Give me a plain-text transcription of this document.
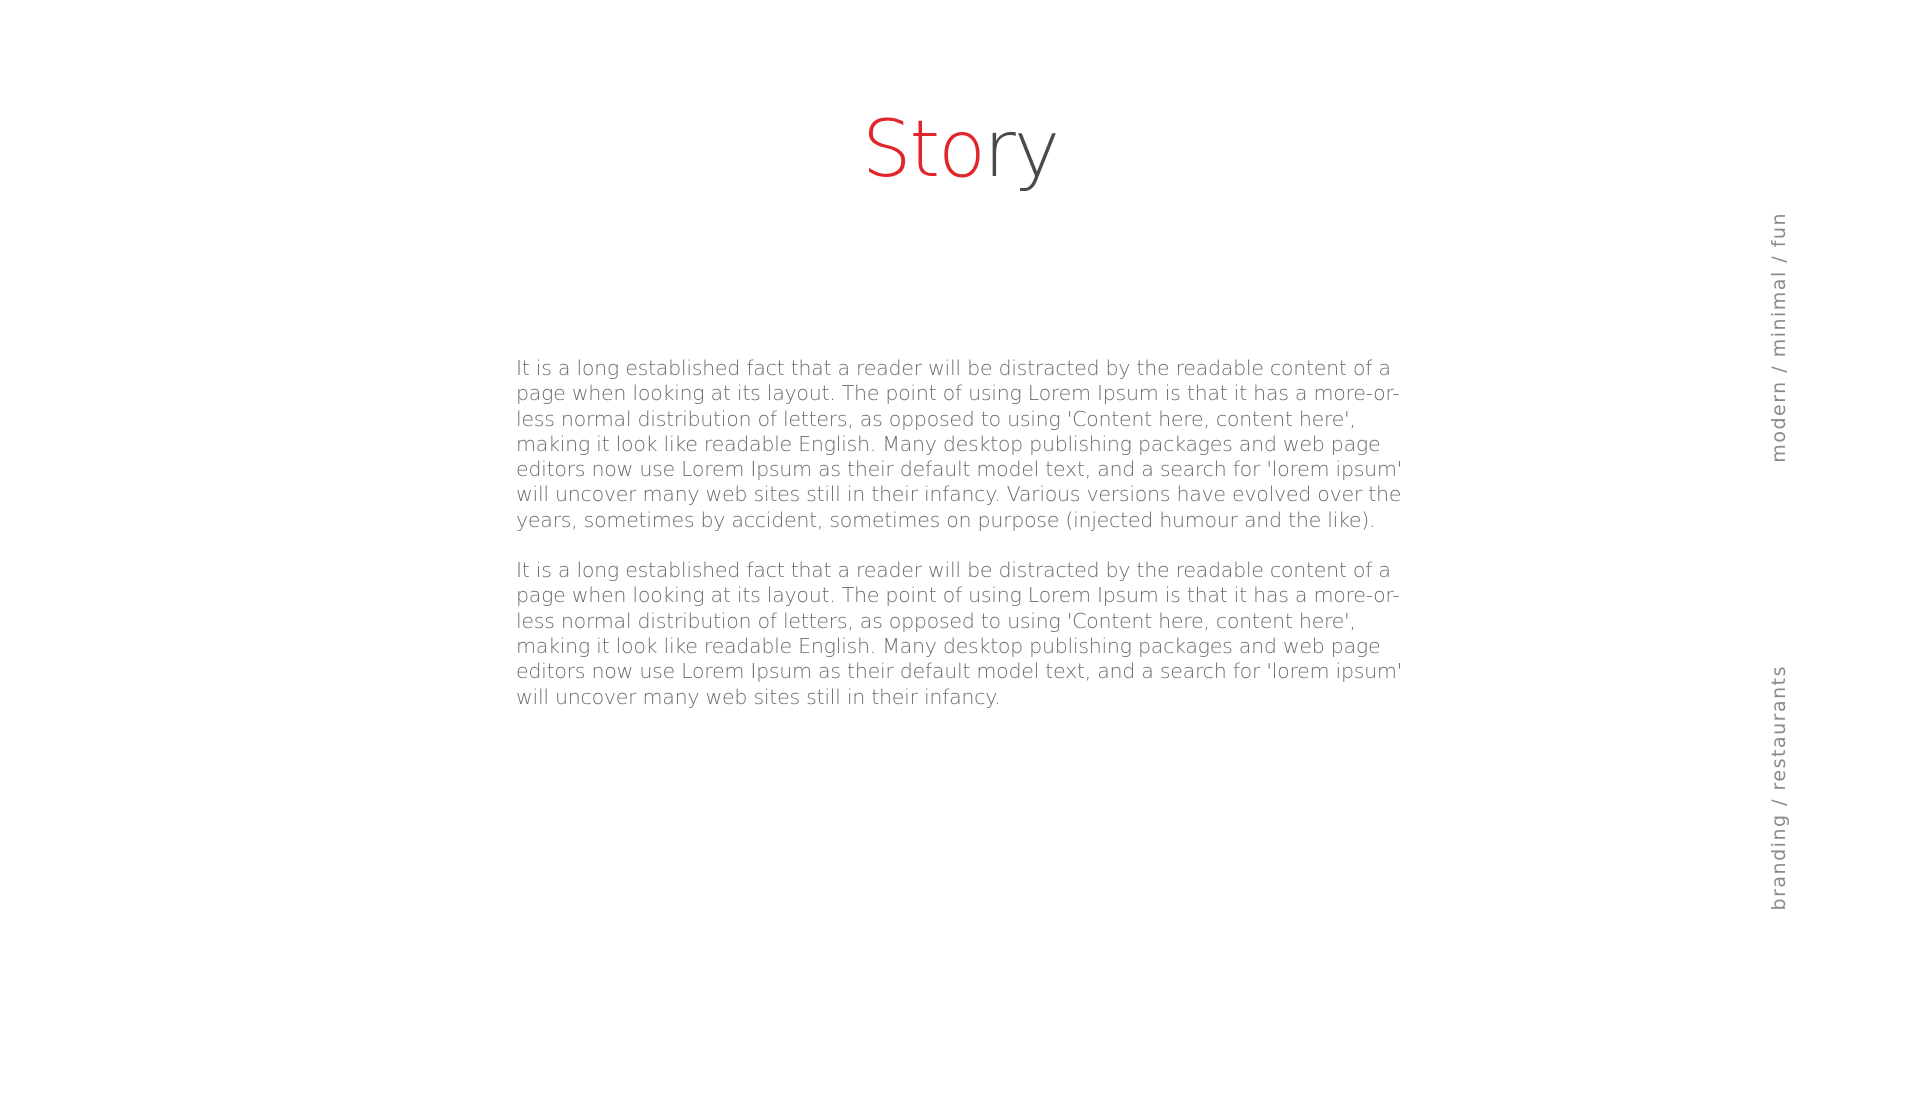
Story

It is a long established fact that a reader will be distracted by the readable content of a page when looking at its layout. The point of using Lorem Ipsum is that it has a more-or-less normal distribution of letters, as opposed to using 'Content here, content here', making it look like readable English. Many desktop publishing packages and web page editors now use Lorem Ipsum as their default model text, and a search for 'lorem ipsum' will uncover many web sites still in their infancy. Various versions have evolved over the years, sometimes by accident, sometimes on purpose (injected humour and the like).

It is a long established fact that a reader will be distracted by the readable content of a page when looking at its layout. The point of using Lorem Ipsum is that it has a more-or-less normal distribution of letters, as opposed to using 'Content here, content here', making it look like readable English. Many desktop publishing packages and web page editors now use Lorem Ipsum as their default model text, and a search for 'lorem ipsum' will uncover many web sites still in their infancy.

modern / minimal / fun
branding / restaurants
